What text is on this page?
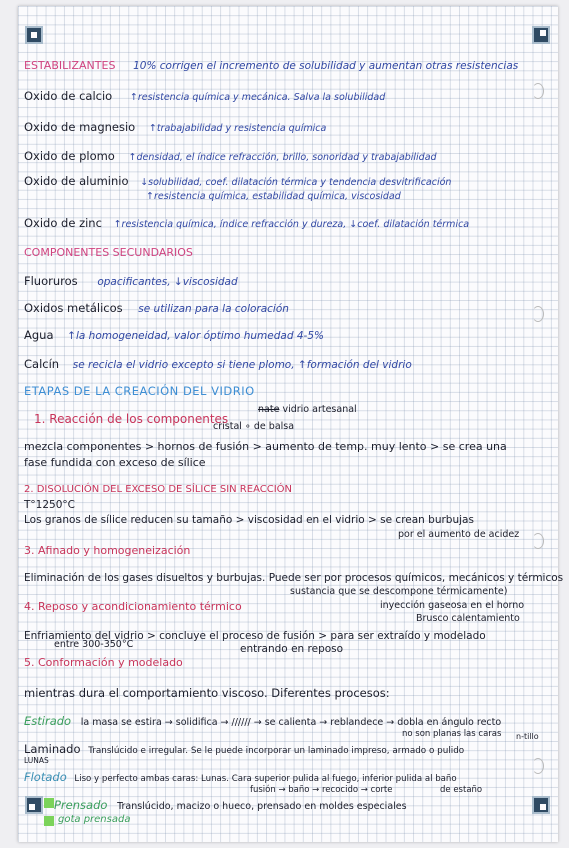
ESTABILIZANTES 10% corrigen el incremento de solubilidad y aumentan otras resistencias
Oxido de calcio ↑resistencia química y mecánica. Salva la solubilidad
Oxido de magnesio ↑trabajabilidad y resistencia química
Oxido de plomo ↑densidad, el índice refracción, brillo, sonoridad y trabajabilidad
Oxido de aluminio ↓solubilidad, coef. dilatación térmica y tendencia desvitrificación
↑resistencia química, estabilidad química, viscosidad
Oxido de zinc ↑resistencia química, índice refracción y dureza, ↓coef. dilatación térmica
COMPONENTES SECUNDARIOS
Fluoruros opacificantes, ↓viscosidad
Oxidos metálicos se utilizan para la coloración
Agua ↑la homogeneidad, valor óptimo humedad 4-5%
Calcín se recicla el vidrio excepto si tiene plomo, ↑formación del vidrio
ETAPAS DE LA CREACIÓN DEL VIDRIO
1. Reacción de los componentes
nate vidrio artesanal
cristal ∘ de balsa
mezcla componentes > hornos de fusión > aumento de temp. muy lento > se crea una
fase fundida con exceso de sílice
2. DISOLUCIÓN DEL EXCESO DE SÍLICE SIN REACCIÓN
T°1250°C
Los granos de sílice reducen su tamaño > viscosidad en el vidrio > se crean burbujas
por el aumento de acidez
3. Afinado y homogeneización
Eliminación de los gases disueltos y burbujas. Puede ser por procesos químicos, mecánicos y térmicos
sustancia que se descompone térmicamente)
inyección gaseosa en el horno
Brusco calentamiento
4. Reposo y acondicionamiento térmico
Enfriamiento del vidrio > concluye el proceso de fusión > para ser extraído y modelado
entre 300-350°C	entrando en reposo
5. Conformación y modelado
mientras dura el comportamiento viscoso. Diferentes procesos:
Estirado la masa se estira → solidifica → ////// → se calienta → reblandece → dobla en ángulo recto
no son planas las caras n-tillo
Laminado Translúcido e irregular. Se le puede incorporar un laminado impreso, armado o pulido
LUNAS
Flotado Liso y perfecto ambas caras: Lunas. Cara superior pulida al fuego, inferior pulida al baño
fusión → baño → recocido → corte	de estaño
Prensado Translúcido, macizo o hueco, prensado en moldes especiales
gota prensada
